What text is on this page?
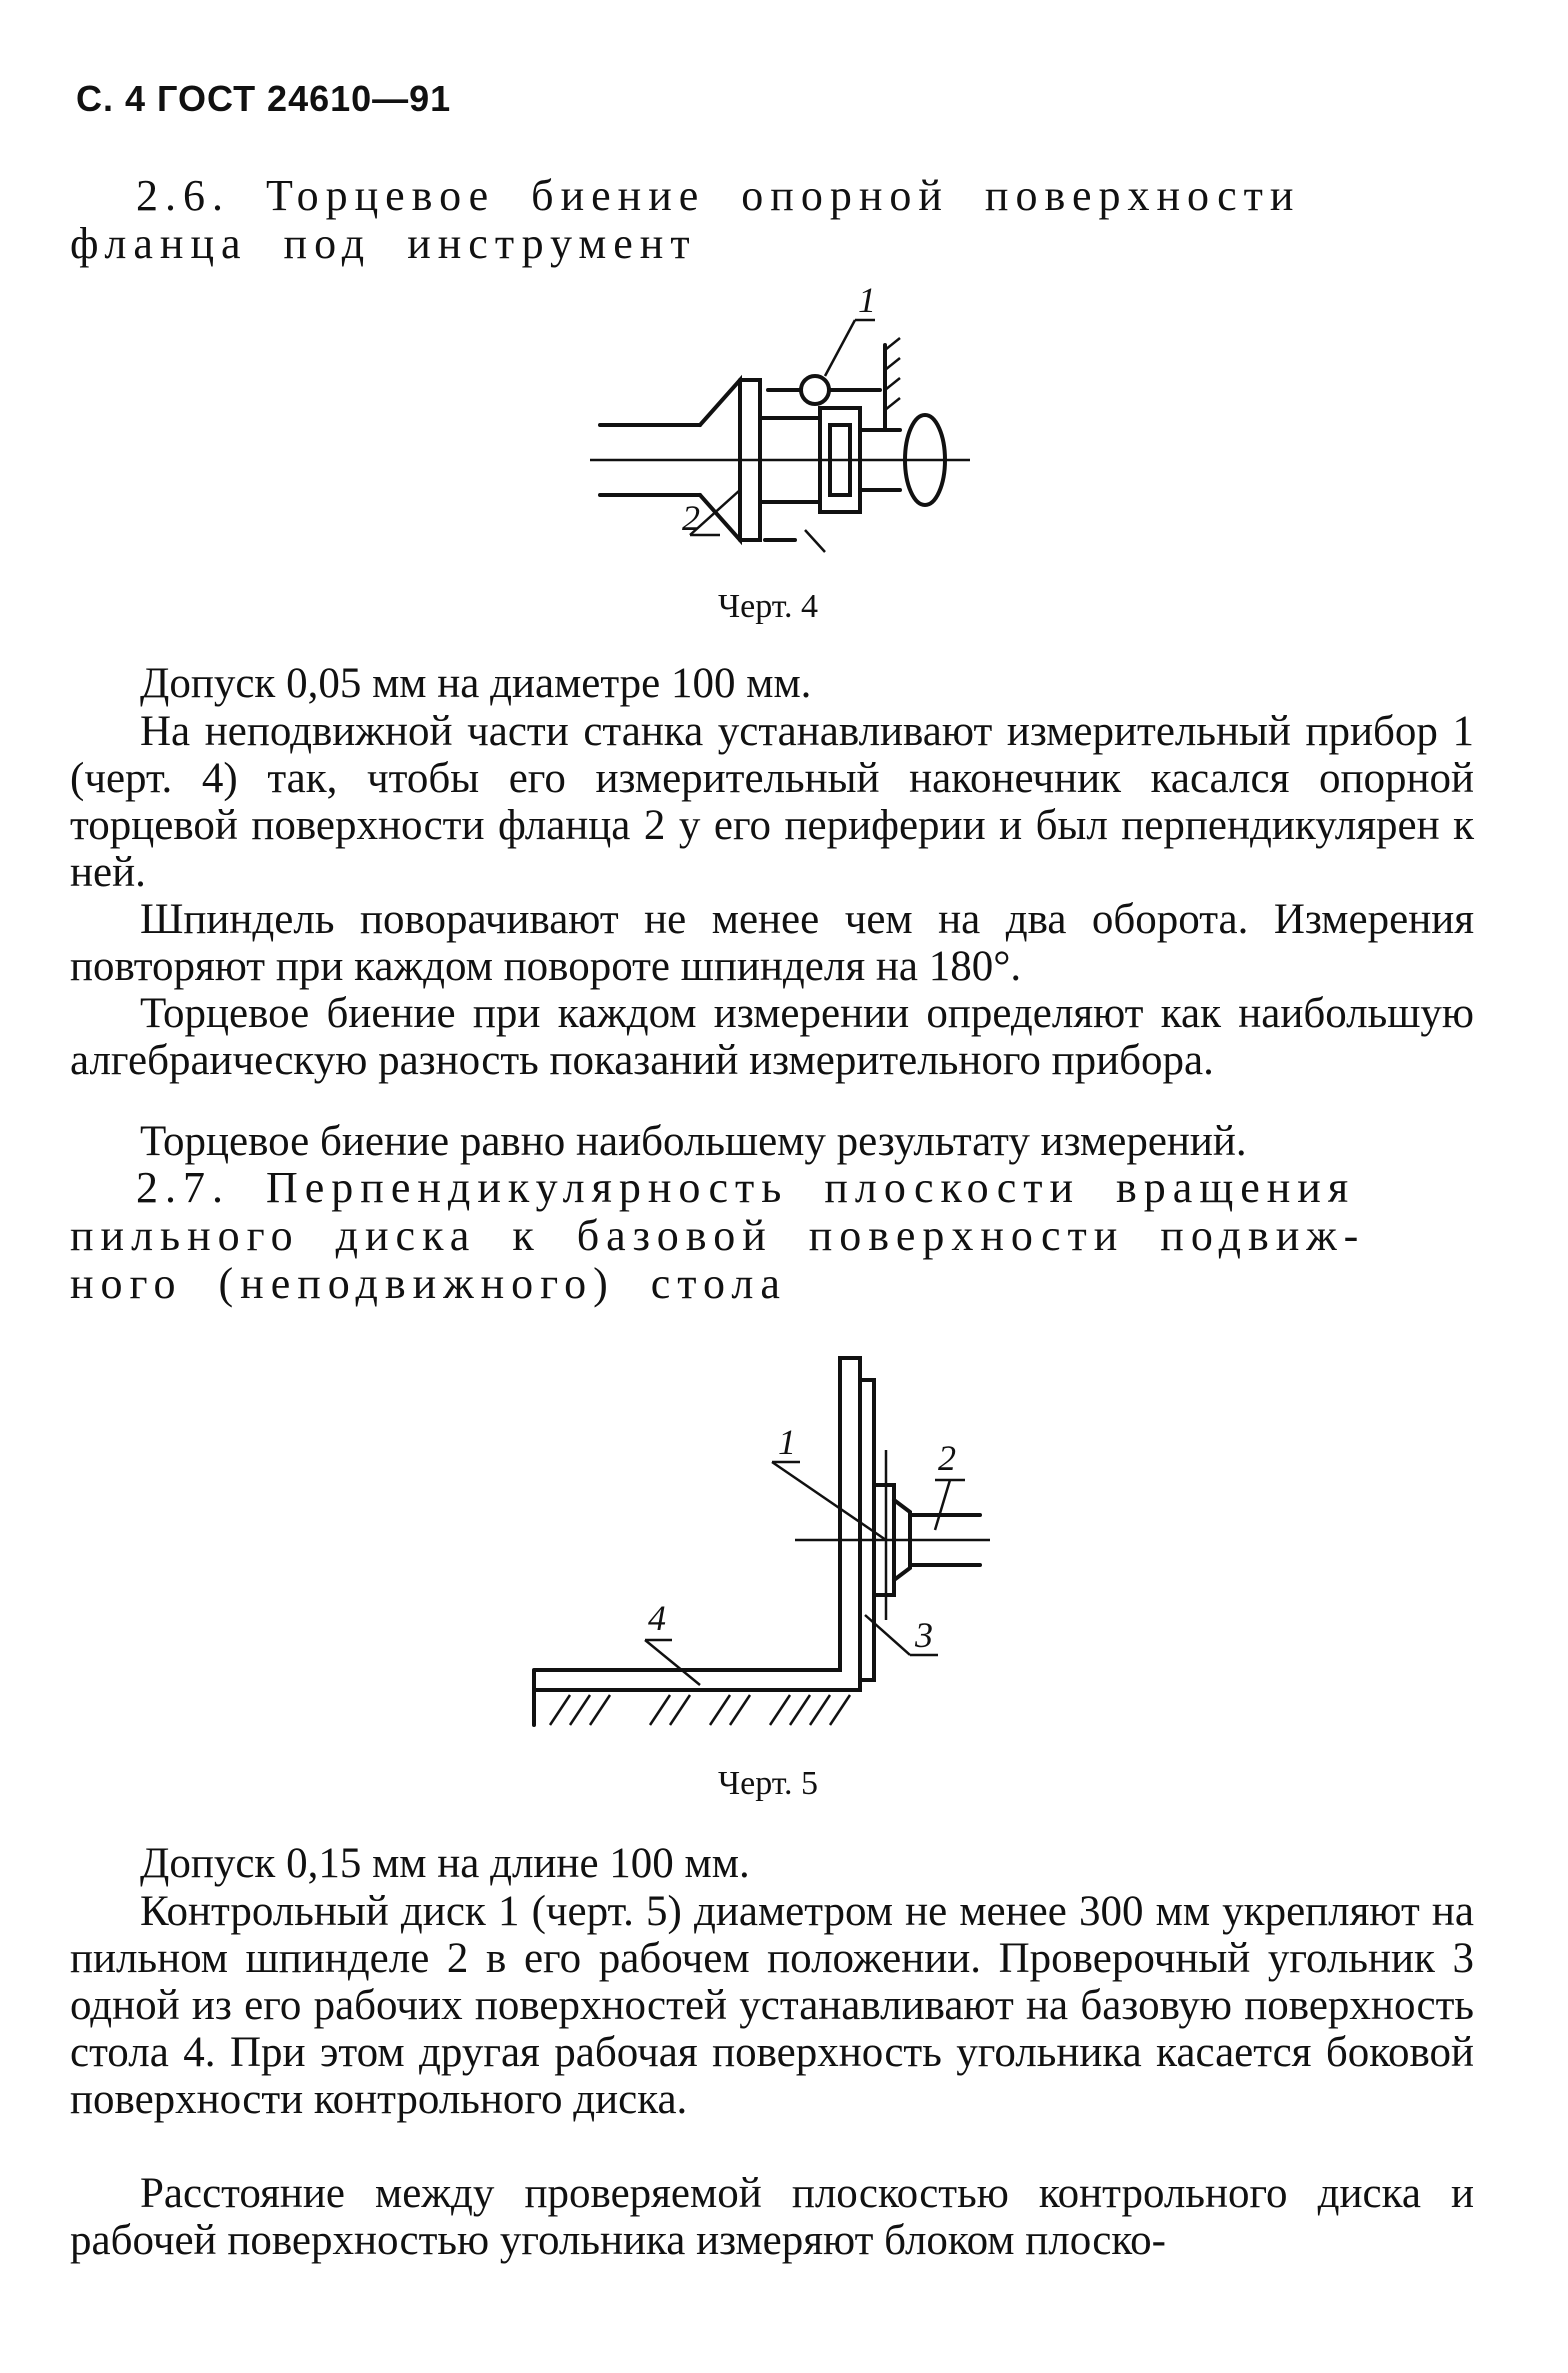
С. 4 ГОСТ 24610—91
2.6. Торцевое биение опорной поверхности
фланца под инструмент
1
2
Черт. 4
Допуск 0,05 мм на диаметре 100 мм.

На неподвижной части станка устанавливают измерительный прибор 1 (черт. 4) так, чтобы его измерительный наконечник касался опорной торцевой поверхности фланца 2 у его периферии и был перпендикулярен к ней.

Шпиндель поворачивают не менее чем на два оборота. Измерения повторяют при каждом повороте шпинделя на 180°.

Торцевое биение при каждом измерении определяют как наибольшую алгебраическую разность показаний измерительного прибора.

Торцевое биение равно наибольшему результату измерений.

2.7. Перпендикулярность плоскости вращения
пильного диска к базовой поверхности подвиж-
ного (неподвижного) стола
1	2
3
4
Черт. 5
Допуск 0,15 мм на длине 100 мм.

Контрольный диск 1 (черт. 5) диаметром не менее 300 мм укрепляют на пильном шпинделе 2 в его рабочем положении. Проверочный угольник 3 одной из его рабочих поверхностей устанавливают на базовую поверхность стола 4. При этом другая рабочая поверхность угольника касается боковой поверхности контрольного диска.

Расстояние между проверяемой плоскостью контрольного диска и рабочей поверхностью угольника измеряют блоком плоско-
